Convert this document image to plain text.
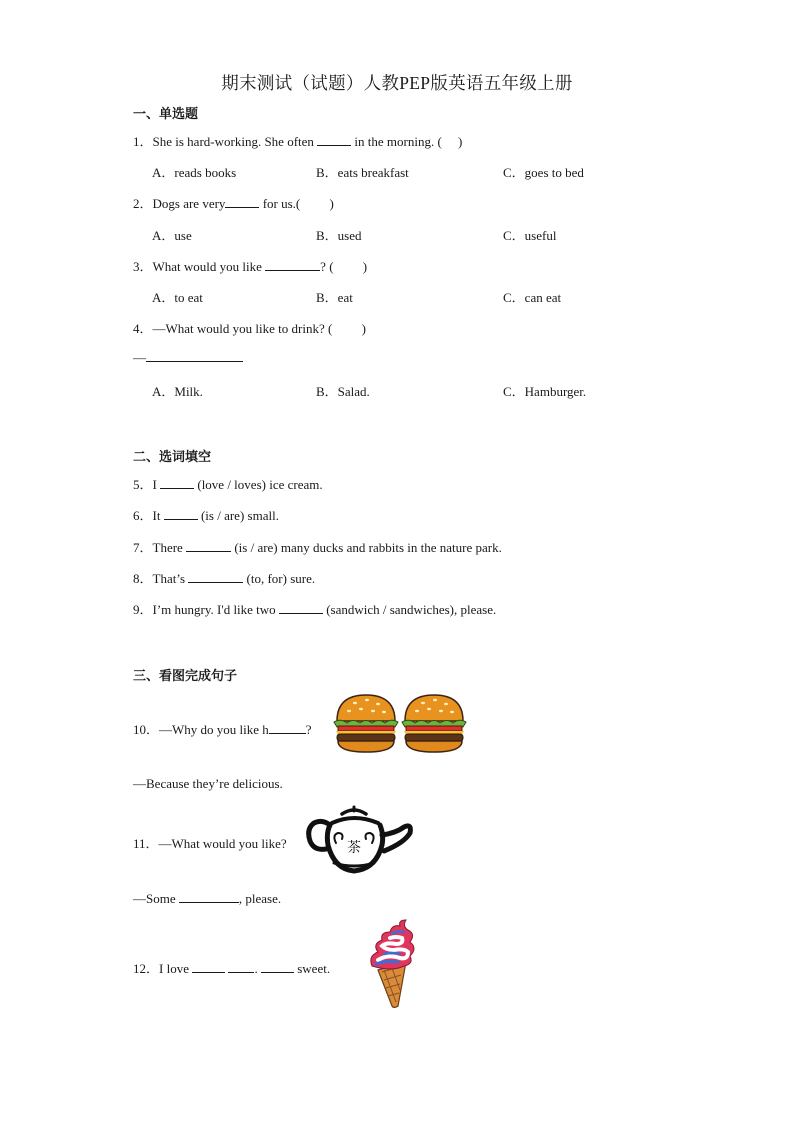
期末测试（试题）人教PEP版英语五年级上册
一、单选题
1．She is hard-working. She often	in the morning. (　 )
A．reads books	B．eats breakfast	C．goes to bed
2．Dogs are very	for us.(　　 )
A．use	B．used	C．useful
3．What would you like	? (　　 )
A．to eat	B．eat	C．can eat
4．—What would you like to drink? (　　 )
—
A．Milk.	B．Salad.	C．Hamburger.
二、选词填空
5．I	(love / loves) ice cream.
6．It	(is / are) small.
7．There	(is / are) many ducks and rabbits in the nature park.
8．That’s	(to, for) sure.
9．I’m hungry. I'd like two	(sandwich / sandwiches), please.
三、看图完成句子
10．—Why do you like h	?
—Because they’re delicious.
11．—What would you like?	茶
—Some	, please.
12．I love	.	sweet.
